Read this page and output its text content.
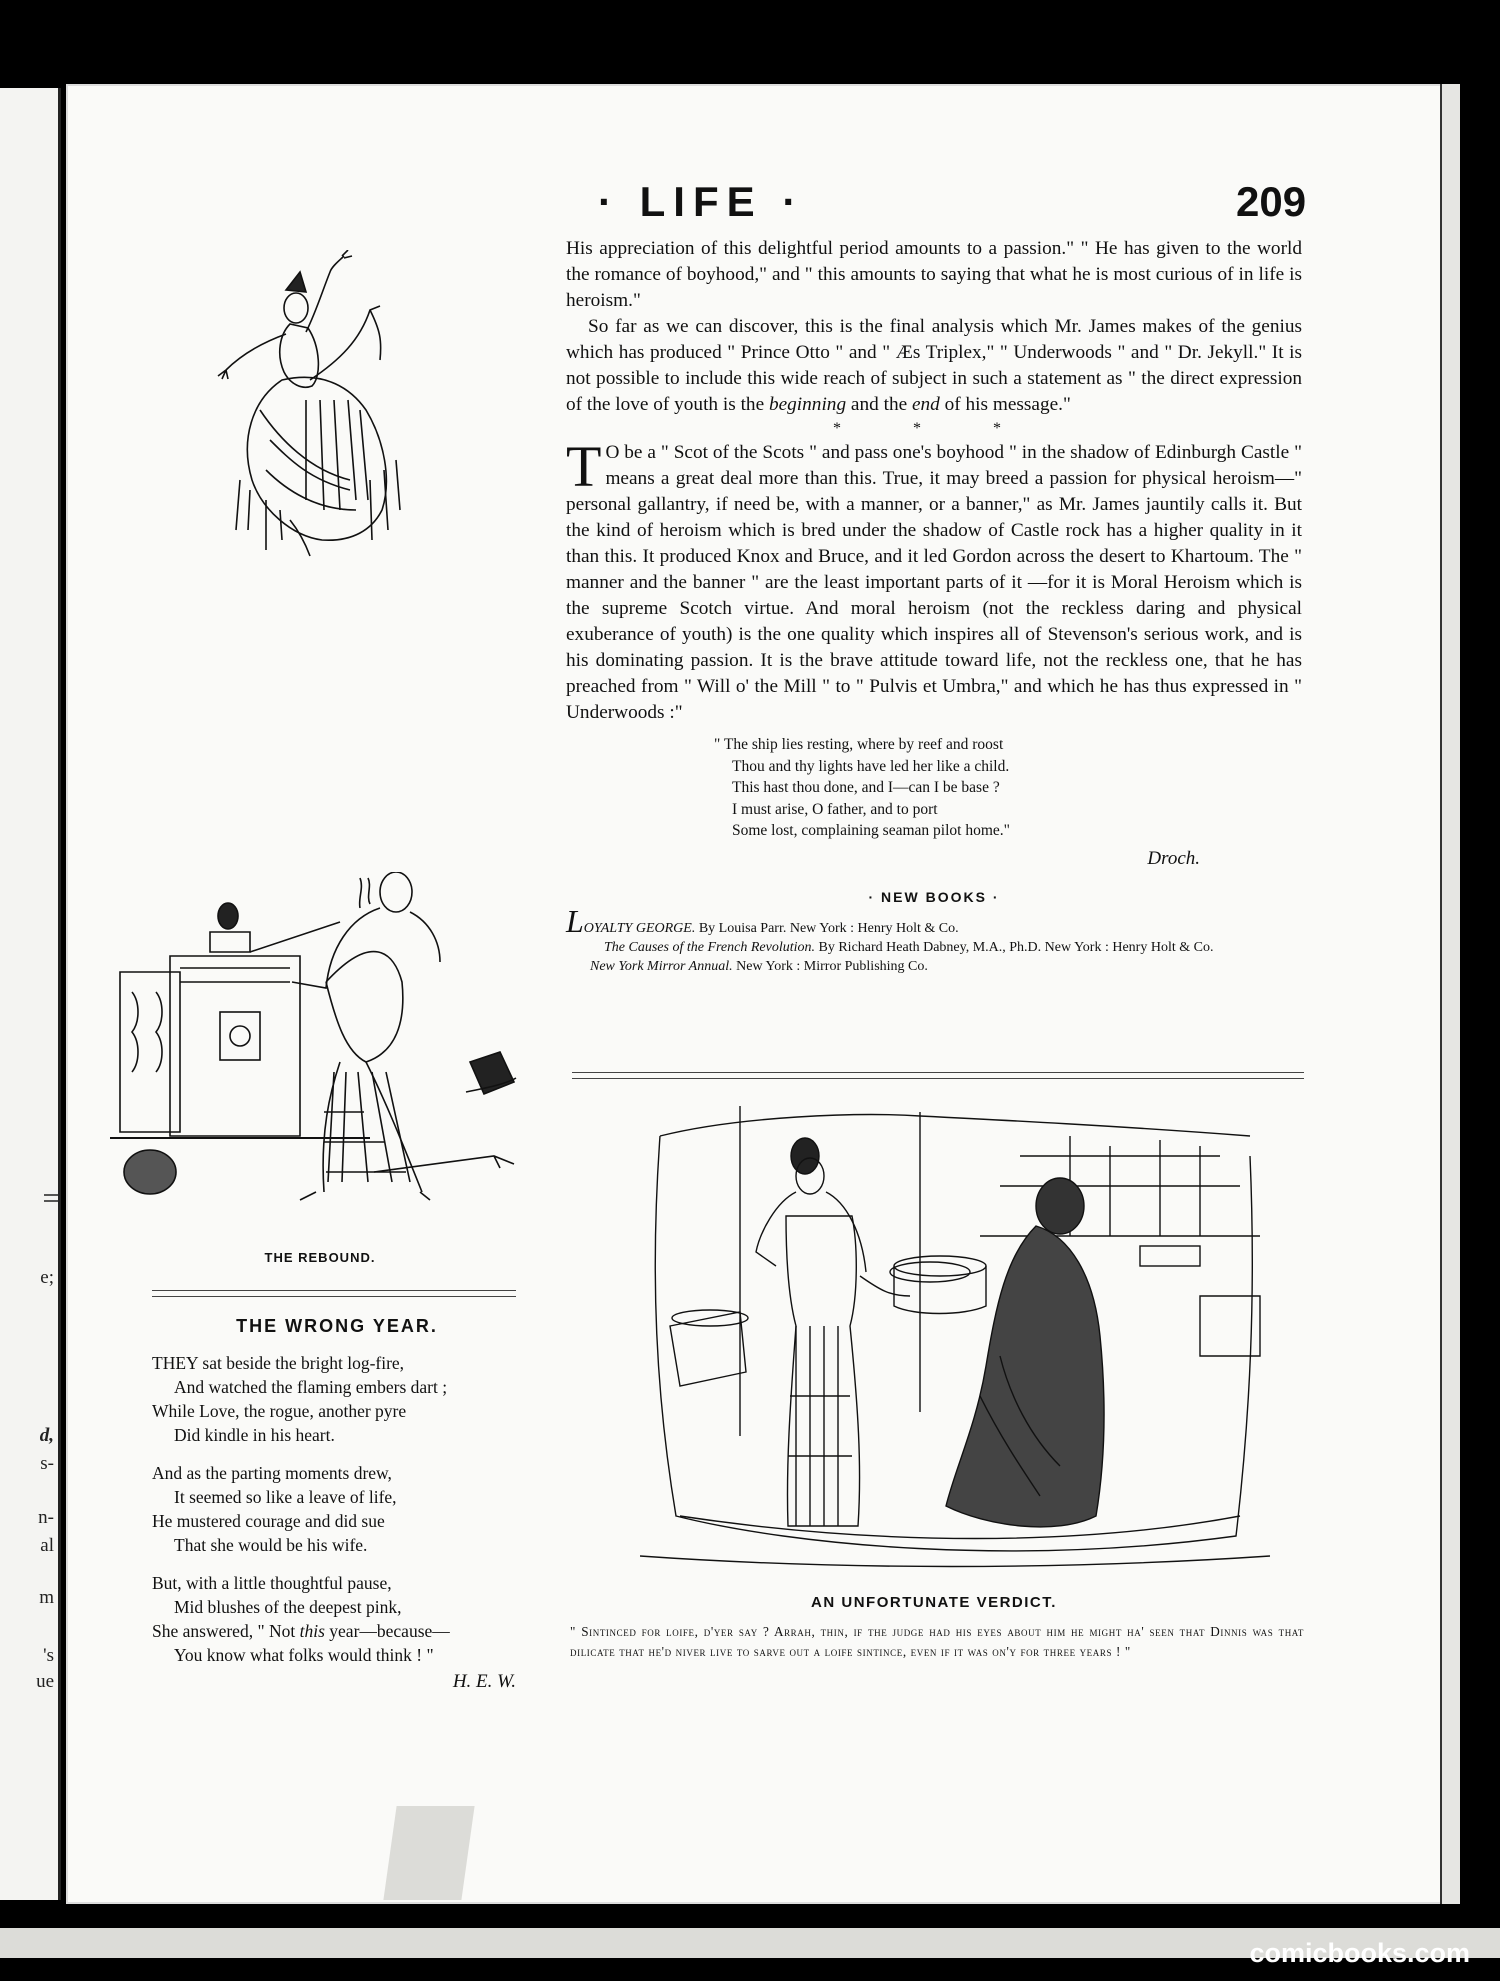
e;
d,
s-
n-
al
m
's
ue
· LIFE ·	209
THE REBOUND.

His appreciation of this delightful period amounts to a passion." " He has given to the world the romance of boyhood," and " this amounts to saying that what he is most curious of in life is heroism."

So far as we can discover, this is the final analysis which Mr. James makes of the genius which has produced " Prince Otto " and " Æs Triplex," " Underwoods " and " Dr. Jekyll." It is not possible to include this wide reach of subject in such a statement as " the direct expression of the love of youth is the beginning and the end of his message."

* * *

T O be a " Scot of the Scots " and pass one's boyhood " in the shadow of Edinburgh Castle " means a great deal more than this. True, it may breed a passion for physical heroism—" personal gallantry, if need be, with a manner, or a banner," as Mr. James jauntily calls it. But the kind of heroism which is bred under the shadow of Castle rock has a higher quality in it than this. It produced Knox and Bruce, and it led Gordon across the desert to Khartoum. The " manner and the banner " are the least important parts of it —for it is Moral Heroism which is the supreme Scotch virtue. And moral heroism (not the reckless daring and physical exuberance of youth) is the one quality which inspires all of Stevenson's serious work, and is his dominating passion. It is the brave attitude toward life, not the reckless one, that he has preached from " Will o' the Mill " to " Pulvis et Umbra," and which he has thus expressed in " Underwoods :"

" The ship lies resting, where by reef and roost
Thou and thy lights have led her like a child.
This hast thou done, and I—can I be base ?
I must arise, O father, and to port
Some lost, complaining seaman pilot home."
Droch.
· NEW BOOKS ·
LOYALTY GEORGE. By Louisa Parr. New York : Henry Holt & Co.
The Causes of the French Revolution. By Richard Heath Dabney, M.A., Ph.D. New York : Henry Holt & Co.
New York Mirror Annual. New York : Mirror Publishing Co.
AN UNFORTUNATE VERDICT.
" Sintinced for loife, d'yer say ? Arrah, thin, if the judge had his eyes about him he might ha' seen that Dinnis was that dilicate that he'd niver live to sarve out a loife sintince, even if it was on'y for three years ! "
THE WRONG YEAR.
THEY sat beside the bright log-fire,
And watched the flaming embers dart ;
While Love, the rogue, another pyre
Did kindle in his heart.
And as the parting moments drew,
It seemed so like a leave of life,
He mustered courage and did sue
That she would be his wife.
But, with a little thoughtful pause,
Mid blushes of the deepest pink,
She answered, " Not this year—because—
You know what folks would think ! "
H. E. W.
comicbooks.com
